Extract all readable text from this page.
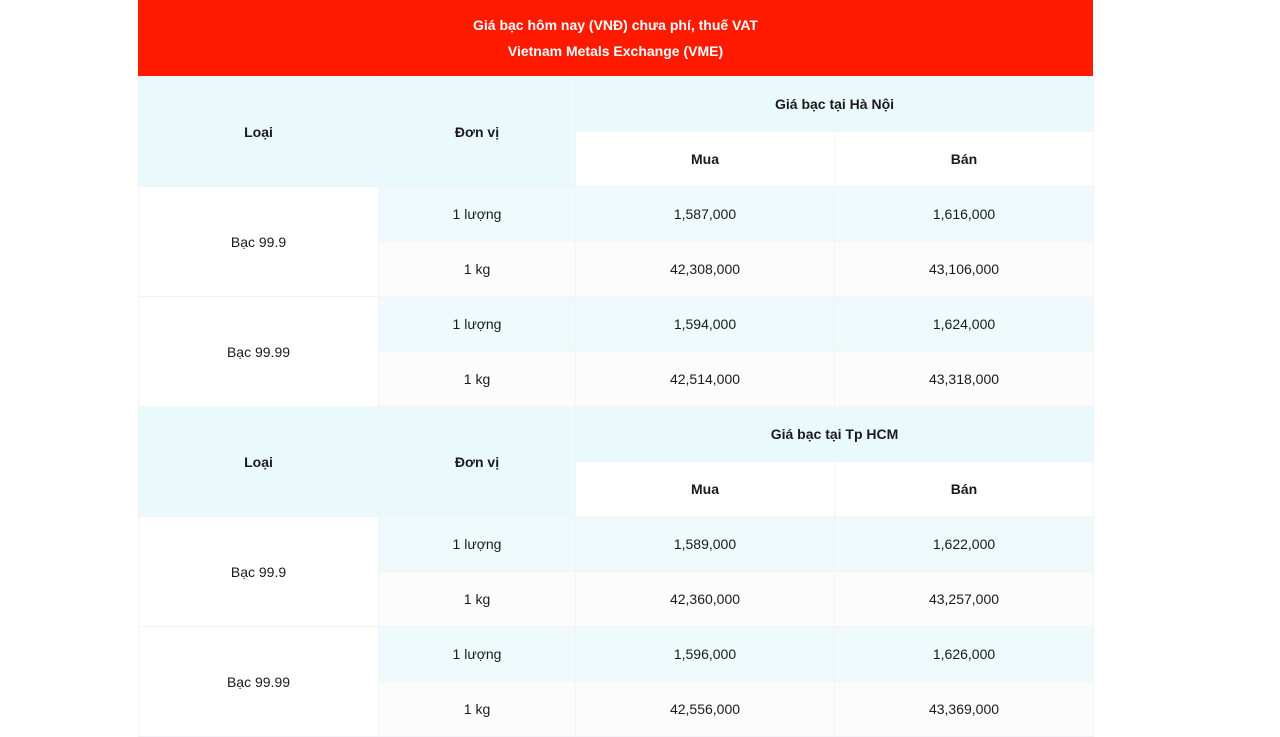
Giá bạc hôm nay (VNĐ) chưa phí, thuế VAT
Vietnam Metals Exchange (VME)
Loại	Đơn vị	Giá bạc tại Hà Nội	
		Mua	Bán
Bạc 99.9	1 lượng	1,587,000	1,616,000
	1 kg	42,308,000	43,106,000
Bạc 99.99	1 lượng	1,594,000	1,624,000
	1 kg	42,514,000	43,318,000
Loại	Đơn vị	Giá bạc tại Tp HCM	
		Mua	Bán
Bạc 99.9	1 lượng	1,589,000	1,622,000
	1 kg	42,360,000	43,257,000
Bạc 99.99	1 lượng	1,596,000	1,626,000
	1 kg	42,556,000	43,369,000
